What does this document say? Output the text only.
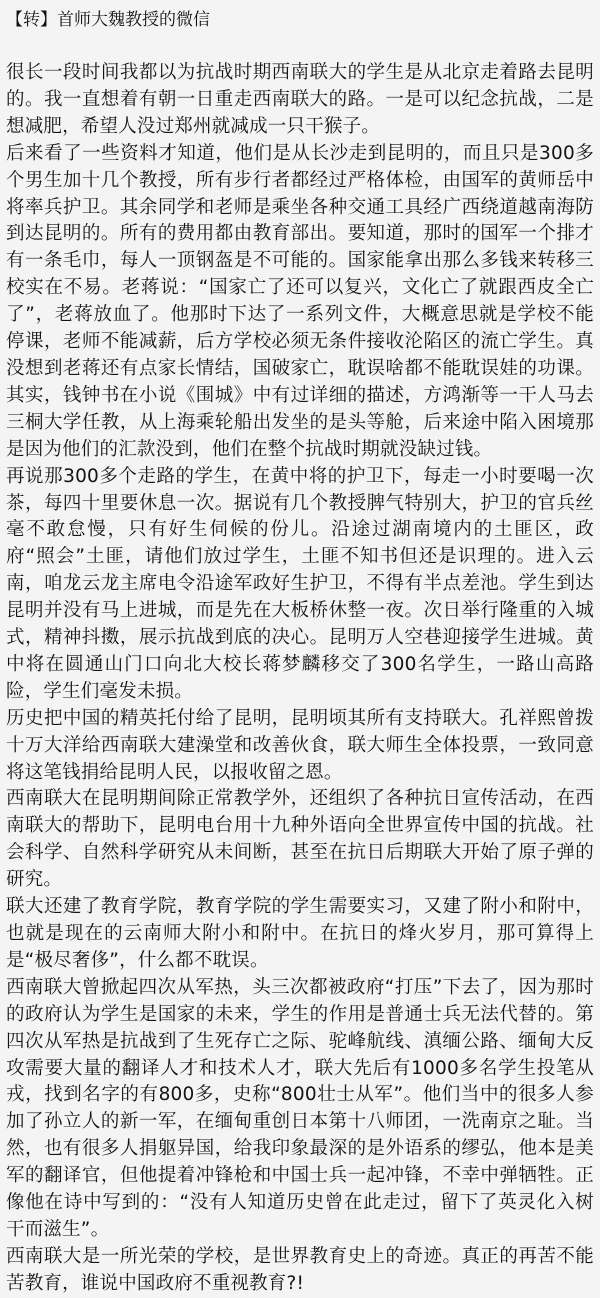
【转】首师大魏教授的微信

很长一段时间我都以为抗战时期西南联大的学生是从北京走着路去昆明的。我一直想着有朝一日重走西南联大的路。一是可以纪念抗战，二是想减肥，希望人没过郑州就减成一只干猴子。

后来看了一些资料才知道，他们是从长沙走到昆明的，而且只是300多个男生加十几个教授，所有步行者都经过严格体检，由国军的黄师岳中将率兵护卫。其余同学和老师是乘坐各种交通工具经广西绕道越南海防到达昆明的。所有的费用都由教育部出。要知道，那时的国军一个排才有一条毛巾，每人一顶钢盔是不可能的。国家能拿出那么多钱来转移三校实在不易。老蒋说：“国家亡了还可以复兴，文化亡了就跟西皮全亡了”，老蒋放血了。他那时下达了一系列文件，大概意思就是学校不能停课，老师不能减薪，后方学校必须无条件接收沦陷区的流亡学生。真没想到老蒋还有点家长情结，国破家亡，耽误啥都不能耽误娃的功课。其实，钱钟书在小说《围城》中有过详细的描述，方鸿渐等一干人马去三桐大学任教，从上海乘轮船出发坐的是头等舱，后来途中陷入困境那是因为他们的汇款没到，他们在整个抗战时期就没缺过钱。

再说那300多个走路的学生，在黄中将的护卫下，每走一小时要喝一次茶，每四十里要休息一次。据说有几个教授脾气特别大，护卫的官兵丝毫不敢怠慢，只有好生伺候的份儿。沿途过湖南境内的土匪区，政府“照会”土匪，请他们放过学生，土匪不知书但还是识理的。进入云南，咱龙云龙主席电令沿途军政好生护卫，不得有半点差池。学生到达昆明并没有马上进城，而是先在大板桥休整一夜。次日举行隆重的入城式，精神抖擞，展示抗战到底的决心。昆明万人空巷迎接学生进城。黄中将在圆通山门口向北大校长蒋梦麟移交了300名学生，一路山高路险，学生们毫发未损。

历史把中国的精英托付给了昆明，昆明顷其所有支持联大。孔祥熙曾拨十万大洋给西南联大建澡堂和改善伙食，联大师生全体投票，一致同意将这笔钱捐给昆明人民，以报收留之恩。

西南联大在昆明期间除正常教学外，还组织了各种抗日宣传活动，在西南联大的帮助下，昆明电台用十九种外语向全世界宣传中国的抗战。社会科学、自然科学研究从未间断，甚至在抗日后期联大开始了原子弹的研究。

联大还建了教育学院，教育学院的学生需要实习，又建了附小和附中，也就是现在的云南师大附小和附中。在抗日的烽火岁月，那可算得上是“极尽奢侈”，什么都不耽误。

西南联大曾掀起四次从军热，头三次都被政府“打压”下去了，因为那时的政府认为学生是国家的未来，学生的作用是普通士兵无法代替的。第四次从军热是抗战到了生死存亡之际、驼峰航线、滇缅公路、缅甸大反攻需要大量的翻译人才和技术人才，联大先后有1000多名学生投笔从戎，找到名字的有800多，史称“800壮士从军”。他们当中的很多人参加了孙立人的新一军，在缅甸重创日本第十八师团，一洗南京之耻。当然，也有很多人捐躯异国，给我印象最深的是外语系的缪弘，他本是美军的翻译官，但他提着冲锋枪和中国士兵一起冲锋，不幸中弹牺牲。正像他在诗中写到的：“没有人知道历史曾在此走过，留下了英灵化入树干而滋生”。

西南联大是一所光荣的学校，是世界教育史上的奇迹。真正的再苦不能苦教育，谁说中国政府不重视教育?!
